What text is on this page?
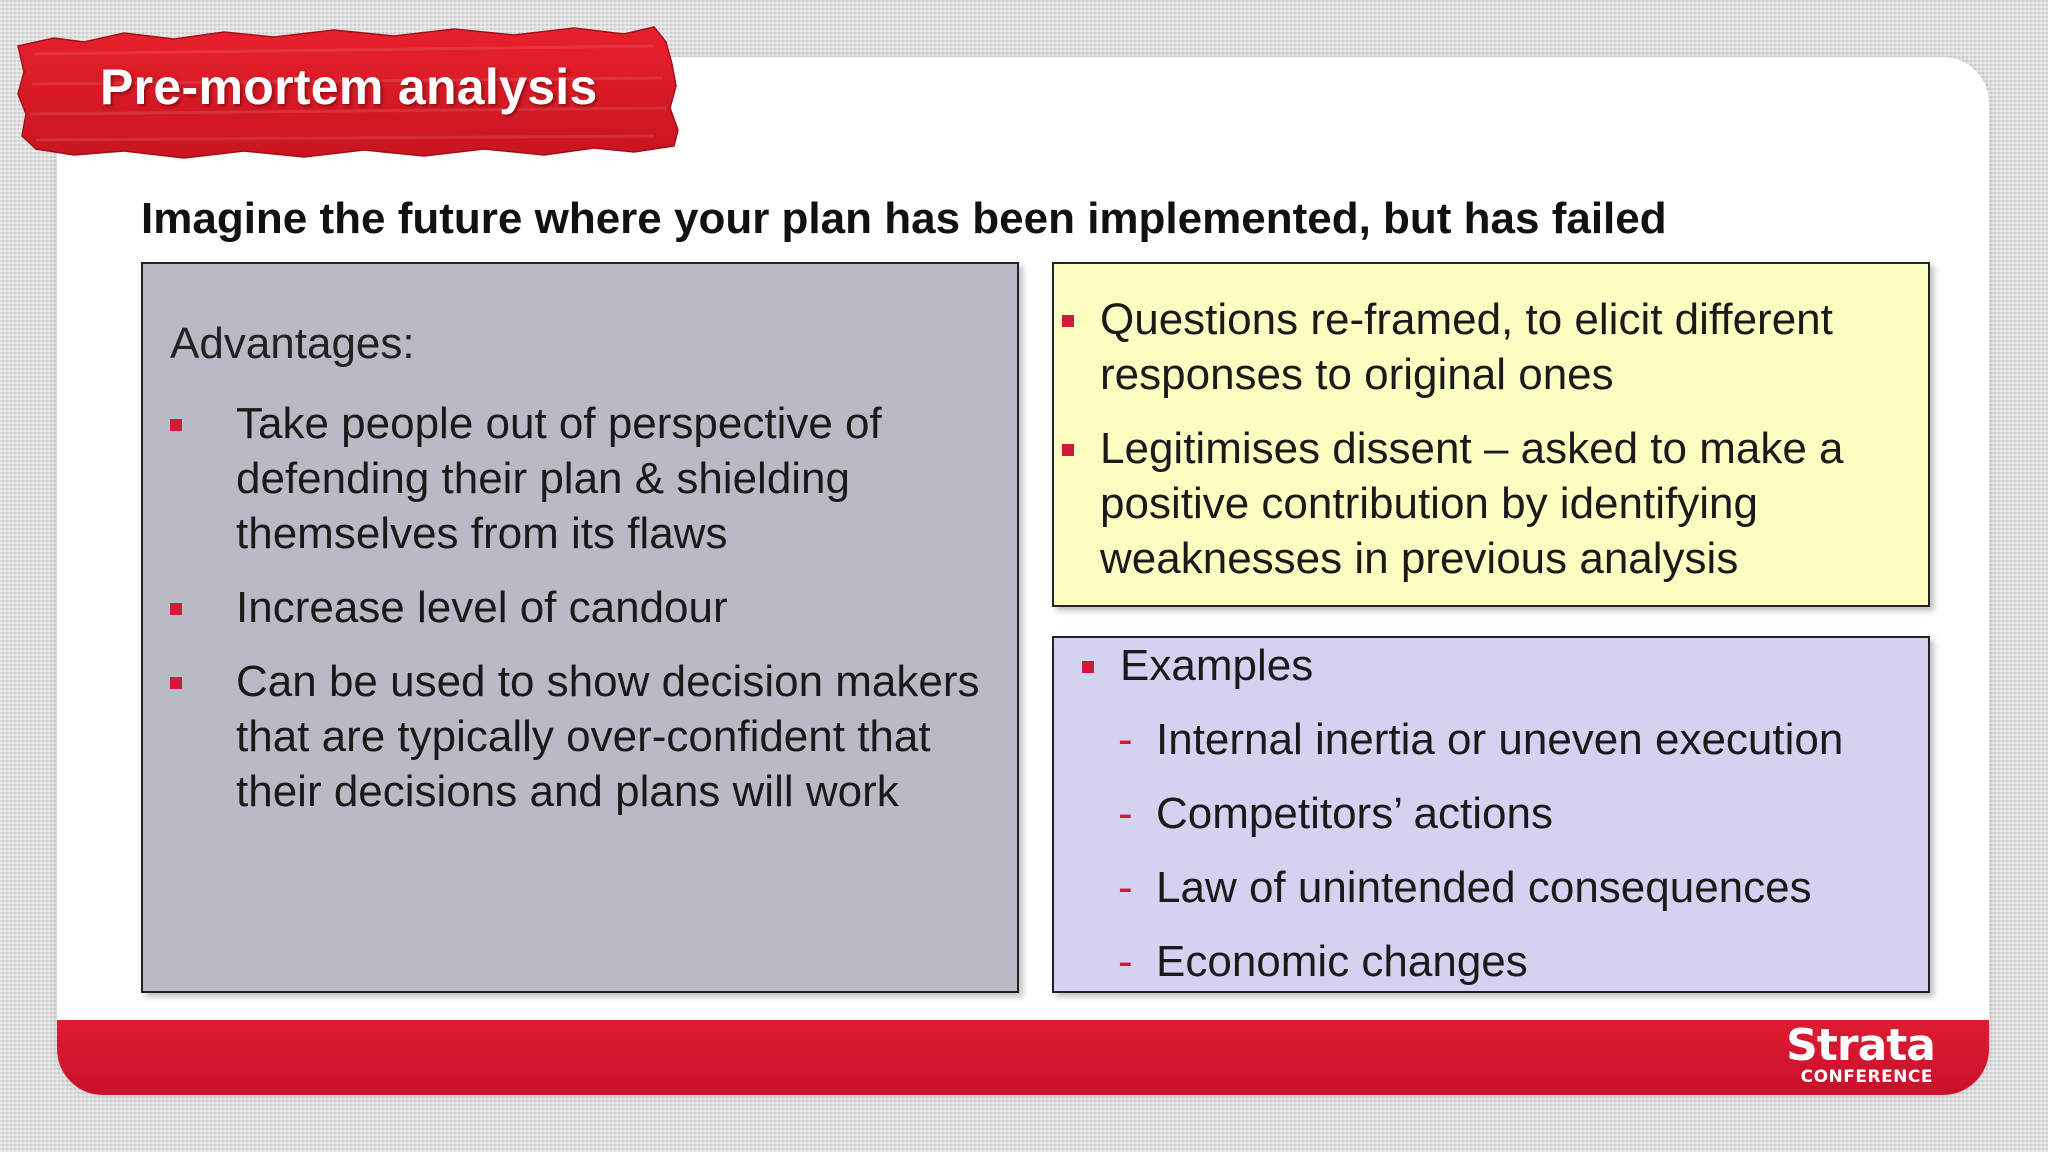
Strata
CONFERENCE
Pre-mortem analysis
Imagine the future where your plan has been implemented, but has failed
Advantages:
Take people out of perspective of defending their plan & shielding themselves from its flaws
Increase level of candour
Can be used to show decision makers that are typically over-confident that their decisions and plans will work
Questions re-framed, to elicit different responses to original ones
Legitimises dissent – asked to make a positive contribution by identifying weaknesses in previous analysis
Examples
- Internal inertia or uneven execution
- Competitors’ actions
- Law of unintended consequences
- Economic changes
